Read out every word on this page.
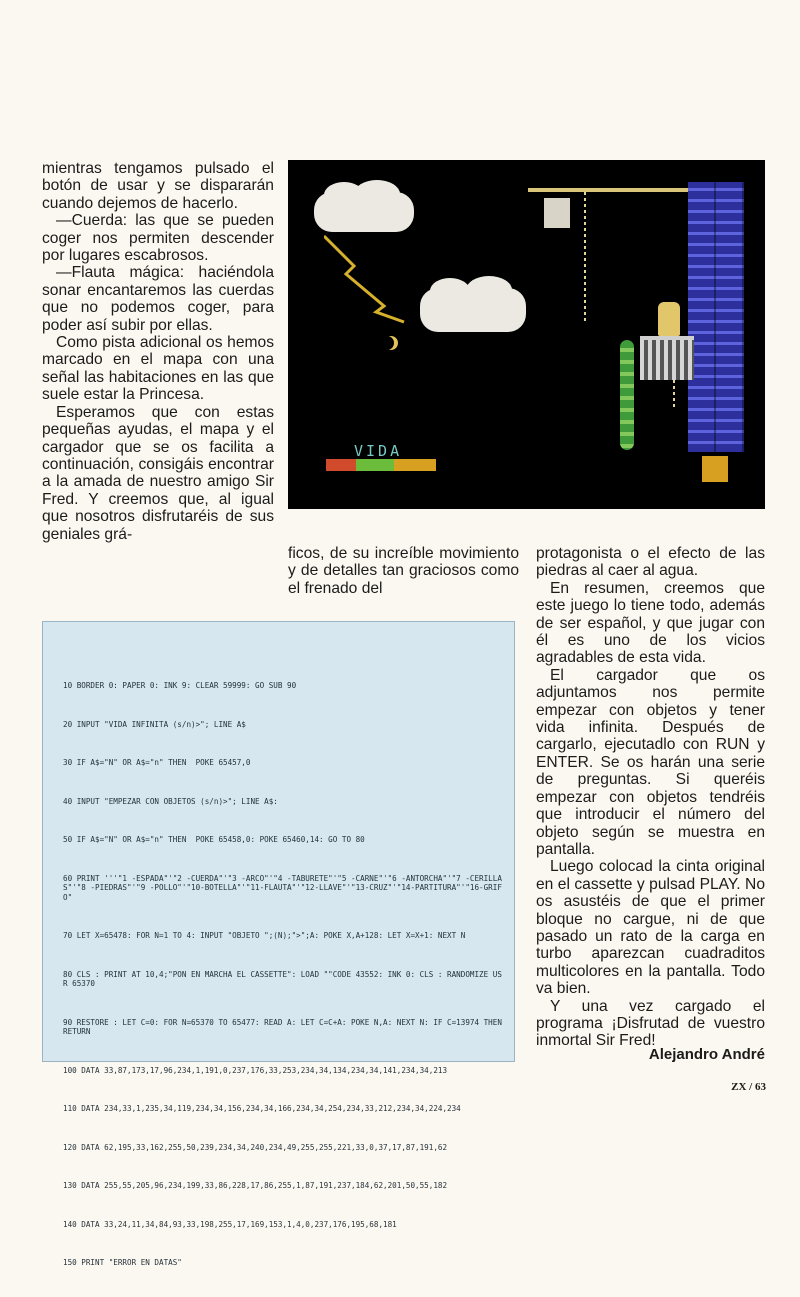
mientras tengamos pulsado el botón de usar y se dispararán cuando dejemos de hacerlo.

—Cuerda: las que se pueden coger nos permiten descender por lugares escabrosos.

—Flauta mágica: haciéndola sonar encantaremos las cuerdas que no podemos coger, para poder así subir por ellas.

Como pista adicional os hemos marcado en el mapa con una señal las habitaciones en las que suele estar la Princesa.

Esperamos que con estas pequeñas ayudas, el mapa y el cargador que se os facilita a continuación, consigáis encontrar a la amada de nuestro amigo Sir Fred. Y creemos que, al igual que nosotros disfrutaréis de sus geniales grá-

VIDA

ficos, de su increíble movimiento y de detalles tan graciosos como el frenado del

protagonista o el efecto de las piedras al caer al agua.

En resumen, creemos que este juego lo tiene todo, además de ser español, y que jugar con él es uno de los vicios agradables de esta vida.

El cargador que os adjuntamos nos permite empezar con objetos y tener vida infinita. Después de cargarlo, ejecutadlo con RUN y ENTER. Se os harán una serie de preguntas. Si queréis empezar con objetos tendréis que introducir el número del objeto según se muestra en pantalla.

Luego colocad la cinta original en el cassette y pulsad PLAY. No os asustéis de que el primer bloque no cargue, ni de que pasado un rato de la carga en turbo aparezcan cuadraditos multicolores en la pantalla. Todo va bien.

Y una vez cargado el programa ¡Disfrutad de vuestro inmortal Sir Fred!

10 BORDER 0: PAPER 0: INK 9: CLEAR 59999: GO SUB 90

20 INPUT "VIDA INFINITA (s/n)>"; LINE A$

30 IF A$="N" OR A$="n" THEN  POKE 65457,0

40 INPUT "EMPEZAR CON OBJETOS (s/n)>"; LINE A$:

50 IF A$="N" OR A$="n" THEN  POKE 65458,0: POKE 65460,14: GO TO 80

60 PRINT '''"1 -ESPADA"'"2 -CUERDA"'"3 -ARCO"'"4 -TABURETE"'"5 -CARNE"'"6 -ANTORCHA"'"7 -CERILLAS"'"8 -PIEDRAS"'"9 -POLLO"'"10-BOTELLA"'"11-FLAUTA"'"12-LLAVE"'"13-CRUZ"'"14-PARTITURA"'"16-GRIFO"

70 LET X=65478: FOR N=1 TO 4: INPUT "OBJETO ";(N);">";A: POKE X,A+128: LET X=X+1: NEXT N

80 CLS : PRINT AT 10,4;"PON EN MARCHA EL CASSETTE": LOAD ""CODE 43552: INK 0: CLS : RANDOMIZE USR 65370

90 RESTORE : LET C=0: FOR N=65370 TO 65477: READ A: LET C=C+A: POKE N,A: NEXT N: IF C=13974 THEN  RETURN

100 DATA 33,87,173,17,96,234,1,191,0,237,176,33,253,234,34,134,234,34,141,234,34,213

110 DATA 234,33,1,235,34,119,234,34,156,234,34,166,234,34,254,234,33,212,234,34,224,234

120 DATA 62,195,33,162,255,50,239,234,34,240,234,49,255,255,221,33,0,37,17,87,191,62

130 DATA 255,55,205,96,234,199,33,86,228,17,86,255,1,87,191,237,184,62,201,50,55,182

140 DATA 33,24,11,34,84,93,33,198,255,17,169,153,1,4,0,237,176,195,68,181

150 PRINT "ERROR EN DATAS"

Alejandro André
ZX / 63
